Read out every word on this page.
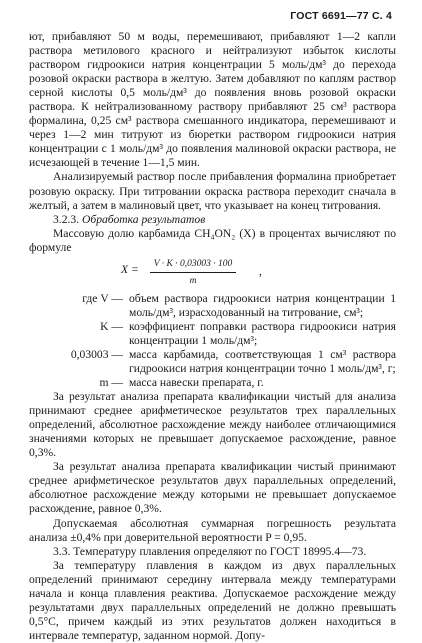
ГОСТ 6691—77 С. 4

ют, прибавляют 50 м воды, перемешивают, прибавляют 1—2 капли раствора метилового красного и нейтрализуют избыток кислоты раствором гидроокиси натрия концентрации 5 моль/дм³ до перехода розовой окраски раствора в желтую. Затем добавляют по каплям раствор серной кислоты 0,5 моль/дм³ до появления вновь розовой окраски раствора. К нейтрализованному раствору прибавляют 25 см³ раствора формалина, 0,25 см³ раствора смешанного индикатора, перемешивают и через 1—2 мин титруют из бюретки раствором гидроокиси натрия концентрации с 1 моль/дм³ до появления малиновой окраски раствора, не исчезающей в течение 1—1,5 мин.

Анализируемый раствор после прибавления формалина приобретает розовую окраску. При титровании окраска раствора переходит сначала в желтый, а затем в малиновый цвет, что указывает на конец титрования.

3.2.3. Обработка результатов

Массовую долю карбамида CH₄ON₂ (X) в процентах вычисляют по формуле

$X = \frac{V \cdot K \cdot 0,03003 \cdot 100}{m}$ ,
где V — объем раствора гидроокиси натрия концентрации 1 моль/дм³, израсходованный на титрование, см³;

K — коэффициент поправки раствора гидроокиси натрия концентрации 1 моль/дм³;

0,03003 — масса карбамида, соответствующая 1 см³ раствора гидроокиси натрия концентрации точно 1 моль/дм³, г;

m — масса навески препарата, г.

За результат анализа препарата квалификации чистый для анализа принимают среднее арифметическое результатов трех параллельных определений, абсолютное расхождение между наиболее отличающимися значениями которых не превышает допускаемое расхождение, равное 0,3%.

За результат анализа препарата квалификации чистый принимают среднее арифметическое результатов двух параллельных определений, абсолютное расхождение между которыми не превышает допускаемое расхождение, равное 0,3%.

Допускаемая абсолютная суммарная погрешность результата анализа ±0,4% при доверительной вероятности P = 0,95.

3.3. Температуру плавления определяют по ГОСТ 18995.4—73.

За температуру плавления в каждом из двух параллельных определений принимают середину интервала между температурами начала и конца плавления реактива. Допускаемое расхождение между результатами двух параллельных определений не должно превышать 0,5°С, причем каждый из этих результатов должен находиться в интервале температур, заданном нормой. Допу-
